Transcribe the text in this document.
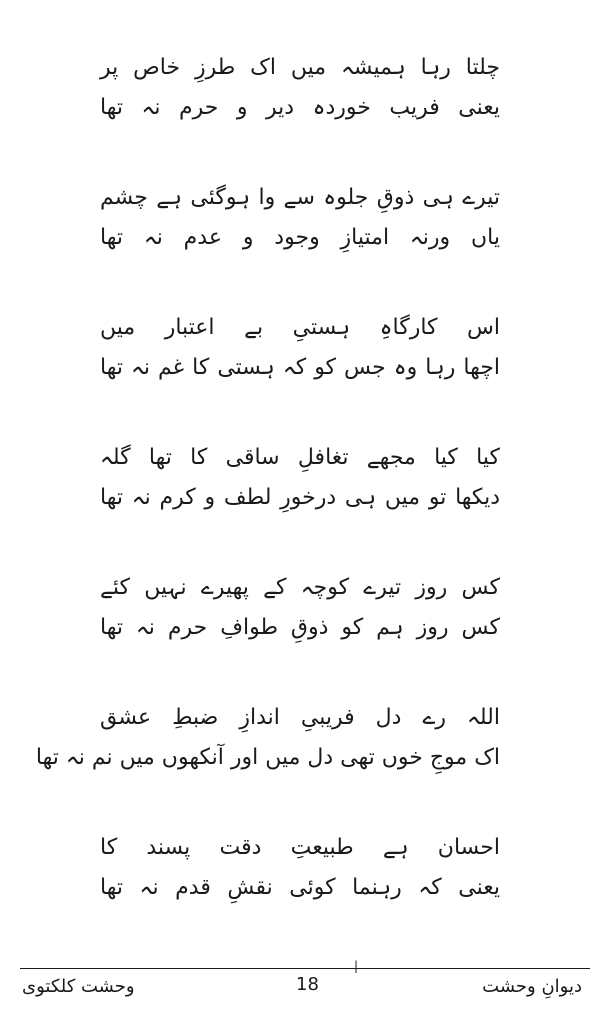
چلتا رہا ہمیشہ میں اک طرزِ خاص پر
یعنی فریب خوردہ دیر و حرم نہ تھا
تیرے ہی ذوقِ جلوہ سے وا ہوگئی ہے چشم
یاں ورنہ امتیازِ وجود و عدم نہ تھا
اس کارگاہِ ہستیِ بے اعتبار میں
اچھا رہا وہ جس کو کہ ہستی کا غم نہ تھا
کیا کیا مجھے تغافلِ ساقی کا تھا گلہ
دیکھا تو میں ہی درخورِ لطف و کرم نہ تھا
کس روز تیرے کوچہ کے پھیرے نہیں کئے
کس روز ہم کو ذوقِ طوافِ حرم نہ تھا
اللہ رے دل فریبیِ اندازِ ضبطِ عشق
اک موجِ خوں تھی دل میں اور آنکھوں میں نم نہ تھا
احسان ہے طبیعتِ دقت پسند کا
یعنی کہ رہنما کوئی نقشِ قدم نہ تھا
|
وحشت کلکتوی	18	دیوانِ وحشت
